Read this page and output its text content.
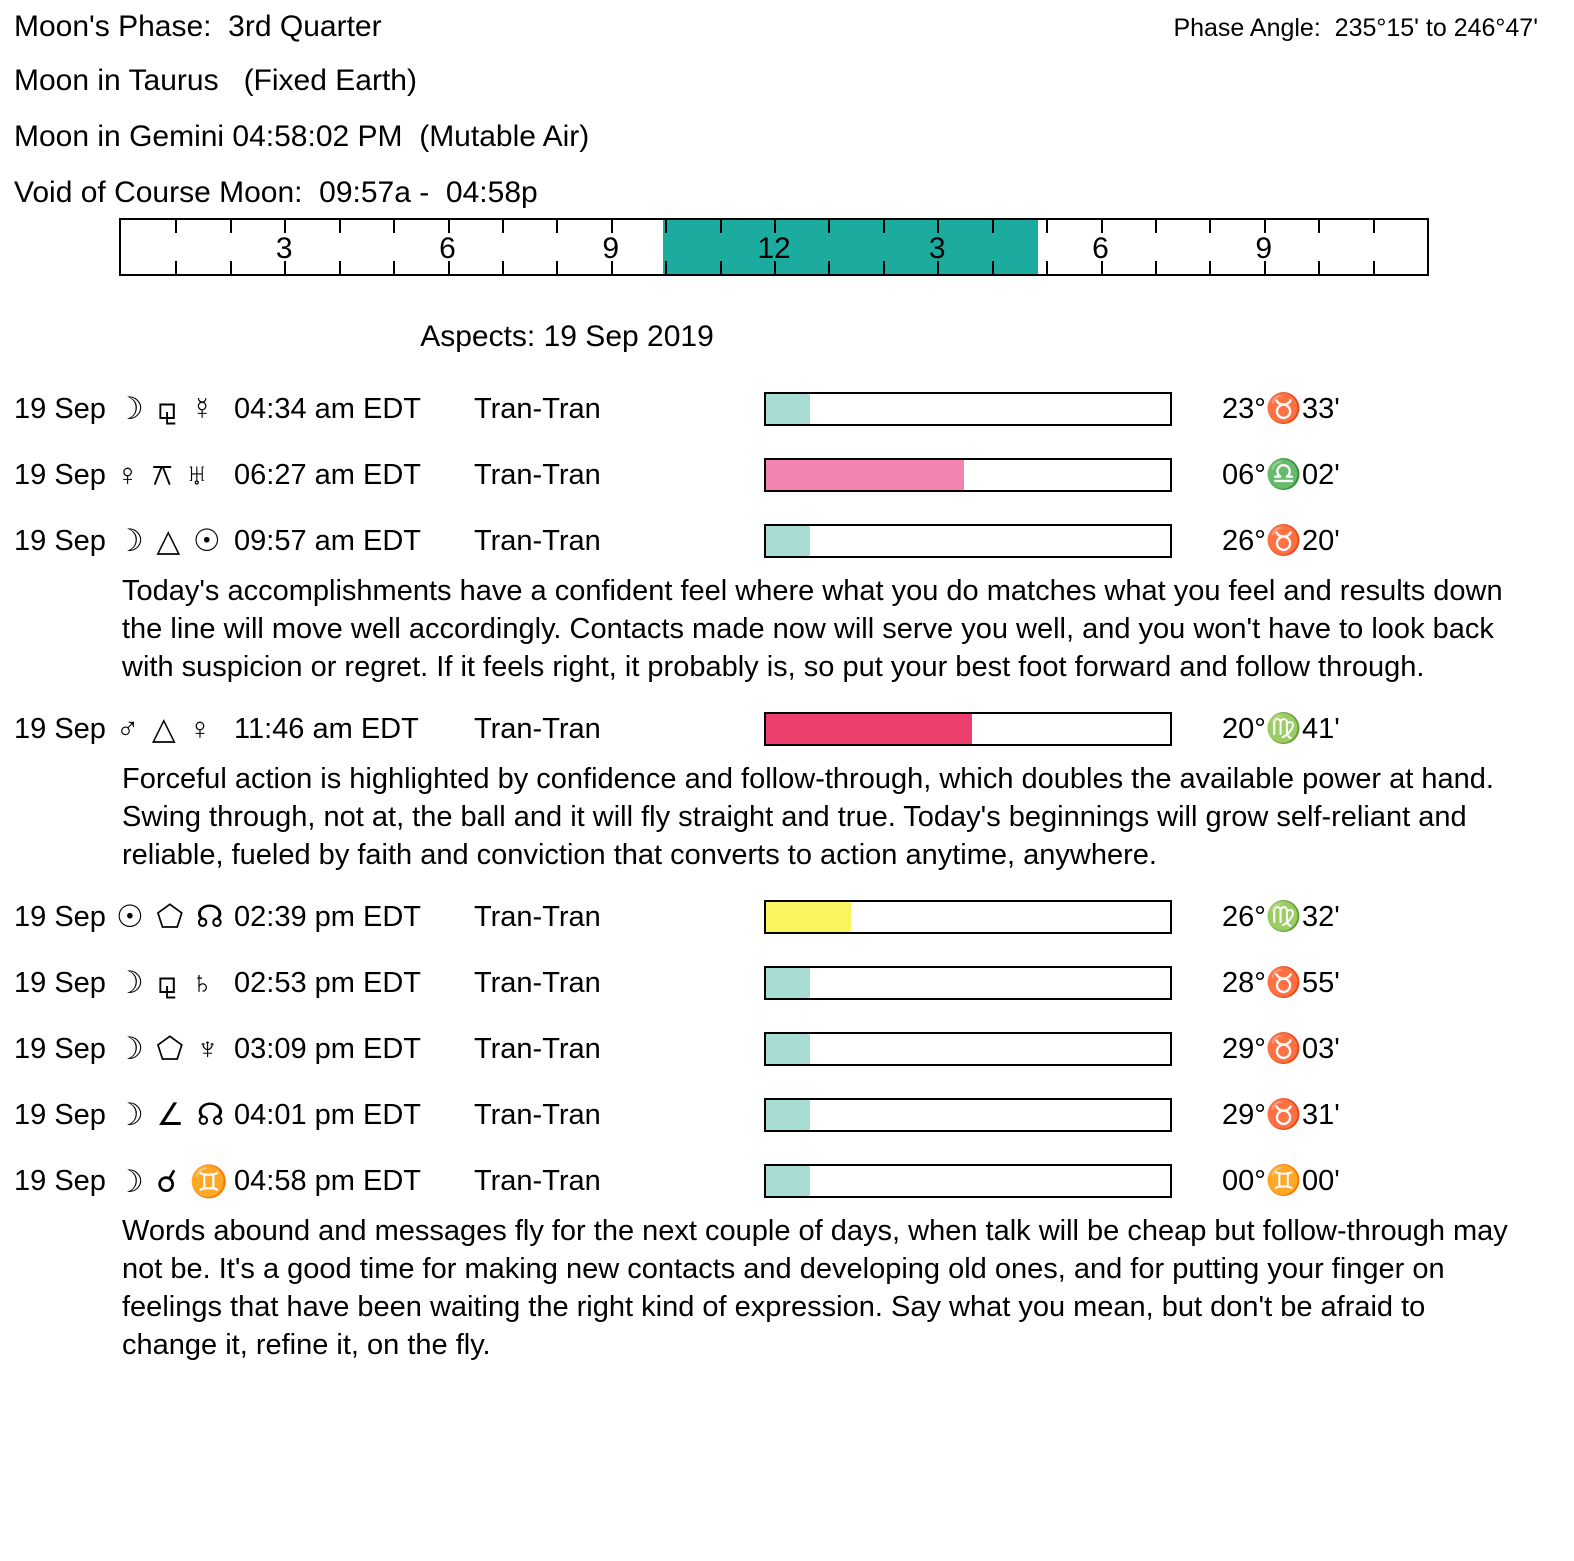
Moon's Phase:  3rd Quarter	Phase Angle:  235°15' to 246°47'
Moon in Taurus   (Fixed Earth)
Moon in Gemini 04:58:02 PM  (Mutable Air)
Void of Course Moon:  09:57a -  04:58p
3	6	9	12	3	6	9
Aspects: 19 Sep 2019
19 Sep ☽ ⚼ ☿ 04:34 am EDT	Tran-Tran	23°♉33'
19 Sep ♀ ⚻ ♅ 06:27 am EDT	Tran-Tran	06°♎02'
19 Sep ☽ △ ☉ 09:57 am EDT	Tran-Tran	26°♉20'
Today's accomplishments have a confident feel where what you do matches what you feel and results down the line will move well accordingly. Contacts made now will serve you well, and you won't have to look back with suspicion or regret. If it feels right, it probably is, so put your best foot forward and follow through.
19 Sep ♂ △ ♀ 11:46 am EDT	Tran-Tran	20°♍41'
Forceful action is highlighted by confidence and follow-through, which doubles the available power at hand. Swing through, not at, the ball and it will fly straight and true. Today's beginnings will grow self-reliant and reliable, fueled by faith and conviction that converts to action anytime, anywhere.
19 Sep ☉ ⬠ ☊ 02:39 pm EDT	Tran-Tran	26°♍32'
19 Sep ☽ ⚼ ♄ 02:53 pm EDT	Tran-Tran	28°♉55'
19 Sep ☽ ⬠ ♆ 03:09 pm EDT	Tran-Tran	29°♉03'
19 Sep ☽ ∠ ☊ 04:01 pm EDT	Tran-Tran	29°♉31'
19 Sep ☽ ☌ ♊ 04:58 pm EDT	Tran-Tran	00°♊00'
Words abound and messages fly for the next couple of days, when talk will be cheap but follow-through may not be. It's a good time for making new contacts and developing old ones, and for putting your finger on feelings that have been waiting the right kind of expression. Say what you mean, but don't be afraid to change it, refine it, on the fly.
